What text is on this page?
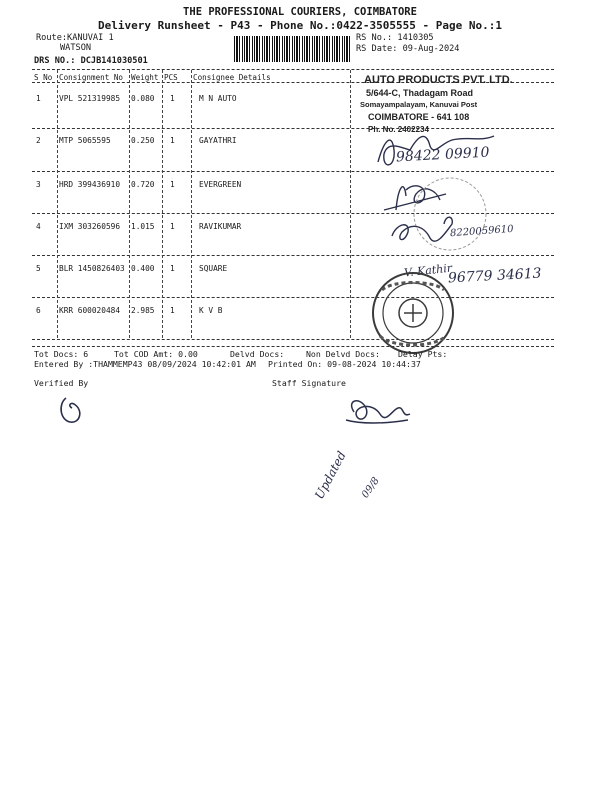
THE PROFESSIONAL COURIERS, COIMBATORE
Delivery Runsheet - P43 - Phone No.:0422-3505555 - Page No.:1
Route:KANUVAI 1
WATSON
DRS NO.: DCJB141030501
RS No.: 1410305
RS Date: 09-Aug-2024
S No Consignment No Weight PCS Consignee Details
1 VPL 521319985 0.080 1	M N AUTO
2 MTP 5065595	0.250 1	GAYATHRI
3 HRD 399436910 0.720 1	EVERGREEN
4 IXM 303260596 1.015 1	RAVIKUMAR
5 BLR 1450826403 0.400 1	SQUARE
6 KRR 600020484 2.985 1	K V B
AUTO PRODUCTS PVT. LTD.
5/644-C, Thadagam Road
Somayampalayam, Kanuvai Post
COIMBATORE - 641 108
Ph. No. 2402234
98422 09910
8220059610
V. Kathir
96779 34613
Updated 09/8
Tot Docs: 6	Tot COD Amt: 0.00	Delvd Docs:	Non Delvd Docs: Delay Pts:
Entered By :THAMMEMP43 08/09/2024 10:42:01 AM Printed On: 09-08-2024 10:44:37
Verified By	Staff Signature
